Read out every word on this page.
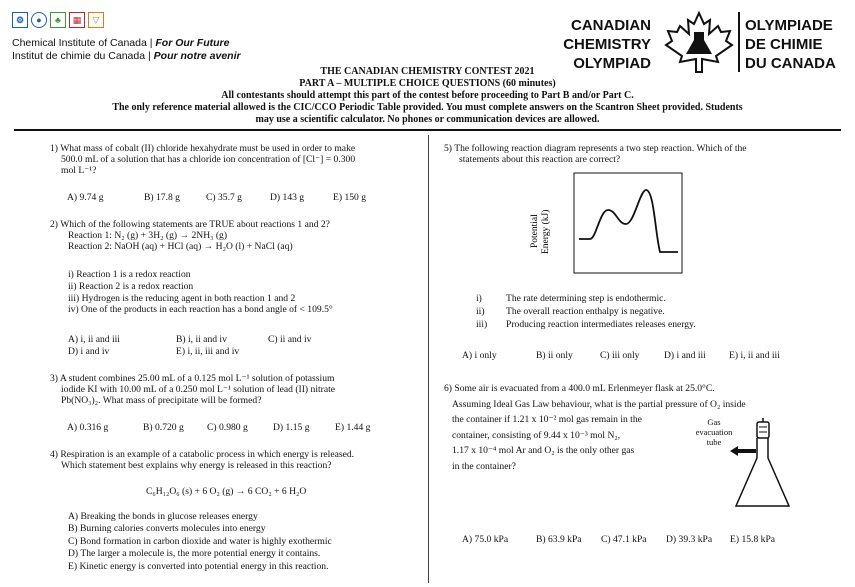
⚙	●	♣	▦	▽
Chemical Institute of Canada | For Our Future
Institut de chimie du Canada | Pour notre avenir
CANADIAN
CHEMISTRY
OLYMPIAD
OLYMPIADE
DE CHIMIE
DU CANADA
THE CANADIAN CHEMISTRY CONTEST 2021
PART A – MULTIPLE CHOICE QUESTIONS (60 minutes)
All contestants should attempt this part of the contest before proceeding to Part B and/or Part C.
The only reference material allowed is the CIC/CCO Periodic Table provided. You must complete answers on the Scantron Sheet provided. Students
may use a scientific calculator. No phones or communication devices are allowed.
1) What mass of cobalt (II) chloride hexahydrate must be used in order to make
500.0 mL of a solution that has a chloride ion concentration of [Cl⁻] = 0.300
mol L⁻¹?
A) 9.74 g	B) 17.8 g	C) 35.7 g	D) 143 g	E) 150 g
2) Which of the following statements are TRUE about reactions 1 and 2?
Reaction 1: N₂ (g) + 3H₂ (g) → 2NH₃ (g)
Reaction 2: NaOH (aq) + HCl (aq) → H₂O (l) + NaCl (aq)
i) Reaction 1 is a redox reaction
ii) Reaction 2 is a redox reaction
iii) Hydrogen is the reducing agent in both reaction 1 and 2
iv) One of the products in each reaction has a bond angle of < 109.5°
A) i, ii and iii	B) i, ii and iv	C) ii and iv
D) i and iv	E) i, ii, iii and iv
3) A student combines 25.00 mL of a 0.125 mol L⁻¹ solution of potassium
iodide KI with 10.00 mL of a 0.250 mol L⁻¹ solution of lead (II) nitrate
Pb(NO₃)₂. What mass of precipitate will be formed?
A) 0.316 g	B) 0.720 g C) 0.980 g	D) 1.15 g	E) 1.44 g
4) Respiration is an example of a catabolic process in which energy is released.
Which statement best explains why energy is released in this reaction?
C₆H₁₂O₆ (s) + 6 O₂ (g) → 6 CO₂ + 6 H₂O
A) Breaking the bonds in glucose releases energy
B) Burning calories converts molecules into energy
C) Bond formation in carbon dioxide and water is highly exothermic
D) The larger a molecule is, the more potential energy it contains.
E) Kinetic energy is converted into potential energy in this reaction.
5) The following reaction diagram represents a two step reaction. Which of the
statements about this reaction are correct?
Potential Energy (kJ)
i)	The rate determining step is endothermic.
ii) The overall reaction enthalpy is negative.
iii) Producing reaction intermediates releases energy.
A) i only	B) ii only	C) iii only	D) i and iii E) i, ii and iii
6) Some air is evacuated from a 400.0 mL Erlenmeyer flask at 25.0°C.
Assuming Ideal Gas Law behaviour, what is the partial pressure of O₂ inside
the container if 1.21 x 10⁻² mol gas remain in the
container, consisting of 9.44 x 10⁻³ mol N₂,
1.17 x 10⁻⁴ mol Ar and O₂ is the only other gas
in the container?
Gas
evacuation
tube
A) 75.0 kPa	B) 63.9 kPa C) 47.1 kPa D) 39.3 kPa E) 15.8 kPa
